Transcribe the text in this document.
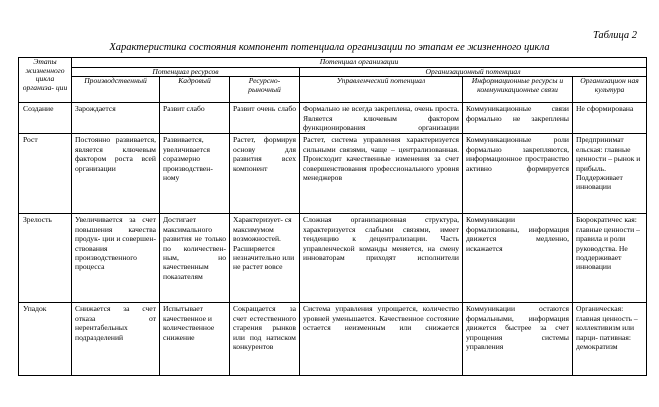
Таблица 2
Характеристика состояния компонент потенциала организации по этапам ее жизненного цикла
Этапы жизненного цикла организа- ции	Потенциал организации					
	Потенциал ресурсов			Организационный потенциал		
	Производственный	Кадровый	Ресурсно- рыночный	Управленческий потенциал	Информационные ресурсы и коммуникационные связи	Организацион ная культура
Создание	Зарождается	Развит слабо	Развит очень слабо	Формально не всегда закреплена, очень проста. Является ключевым фактором функционирования организации	Коммуникационные связи формально не закреплены	Не сформирована
Рост	Постоянно развивается, является ключевым фактором роста всей организации	Развивается, увеличивается соразмерно производствен- ному	Растет, формируя основу для развития всех компонент	Растет, система управления характеризуется сильными связями, чаще – централизованная. Происходит качественные изменения за счет совершенствования профессионального уровня менеджеров	Коммуникационные роли формально закрепляются, информационное пространство активно формируется	Предпринимат ельская: главные ценности – рынок и прибыль. Поддерживает инновации
Зрелость	Увеличивается за счет повышения качества продук- ции и совершен- ствования производственного процесса	Достигает максимального развития не только по количествен- ным, но качественным показателям	Характеризует- ся максимумом возможностей. Расширяется незначительно или не растет вовсе	Сложная организационная структура, характеризуется слабыми связями, имеет тенденцию к децентрализации. Часть управленческой команды меняется, на смену инноваторам приходят исполнители	Коммуникации формализованы, информация движется медленно, искажается	Бюрократичес кая: главные ценности – правила и роли руководства. Не поддерживает инновации
Упадок	Снижается за счет отказа от нерентабельных подразделений	Испытывает качественное и количественное снижение	Сокращается за счет естественного старения рынков или под натиском конкурентов	Система управления упрощается, количество уровней уменьшается. Качественное состояние остается неизменным или снижается	Коммуникации остаются формальными, информация движется быстрее за счет упрощения системы управления	Органическая: главная ценность – коллективизм или парци- пативная: демократизм
